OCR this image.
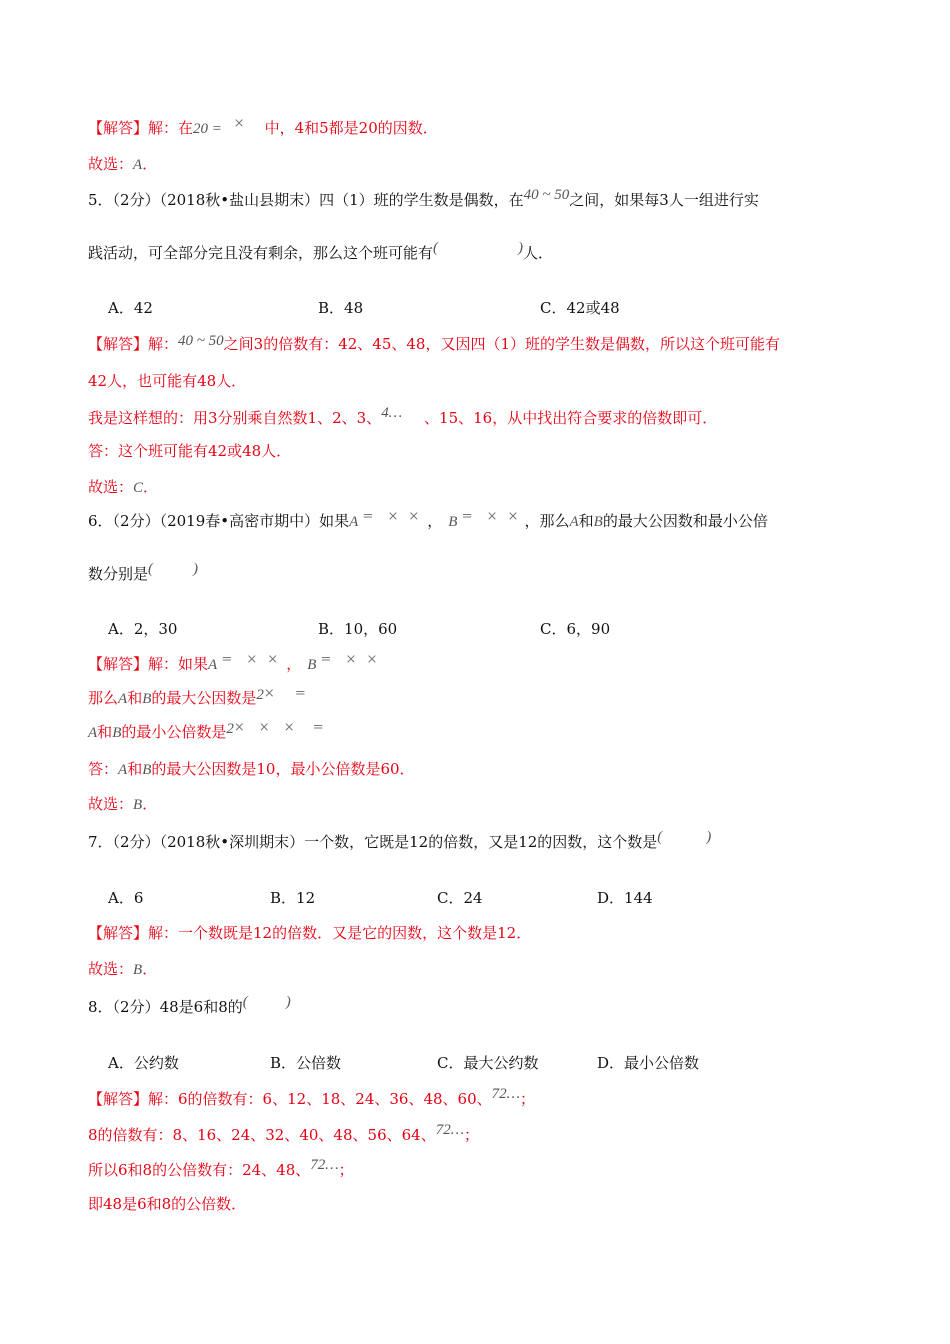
【解答】解：在20 = × 中，4和5都是20的因数．
故选：A．
5．（2分）（2018秋•盐山县期末）四（1）班的学生数是偶数，在40 ~ 50之间，如果每3人一组进行实
践活动，可全部分完且没有剩余，那么这个班可能有(	)人．
A．42	B．48	C．42或48
【解答】解：40 ~ 50之间3的倍数有：42、45、48，又因四（1）班的学生数是偶数，所以这个班可能有
42人，也可能有48人．
我是这样想的：用3分别乘自然数1、2、3、4… 、15、16，从中找出符合要求的倍数即可．
答：这个班可能有42或48人．
故选：C．
6．（2分）（2019春•高密市期中）如果A = × × ， B = × × ，那么A和B的最大公因数和最小公倍
数分别是(	)
A．2，30	B．10，60	C．6，90
【解答】解：如果A = × × ， B = × ×
那么A和B的最大公因数是2× =
A和B的最小公倍数是2× × × =
答：A和B的最大公因数是10，最小公倍数是60．
故选：B．
7．（2分）（2018秋•深圳期末）一个数，它既是12的倍数，又是12的因数，这个数是(	)
A．6	B．12	C．24	D．144
【解答】解：一个数既是12的倍数．又是它的因数，这个数是12．
故选：B．
8．（2分）48是6和8的(	)
A．公约数	B．公倍数	C．最大公约数	D．最小公倍数
【解答】解：6的倍数有：6、12、18、24、36、48、60、72…；
8的倍数有：8、16、24、32、40、48、56、64、72…；
所以6和8的公倍数有：24、48、72…；
即48是6和8的公倍数．
